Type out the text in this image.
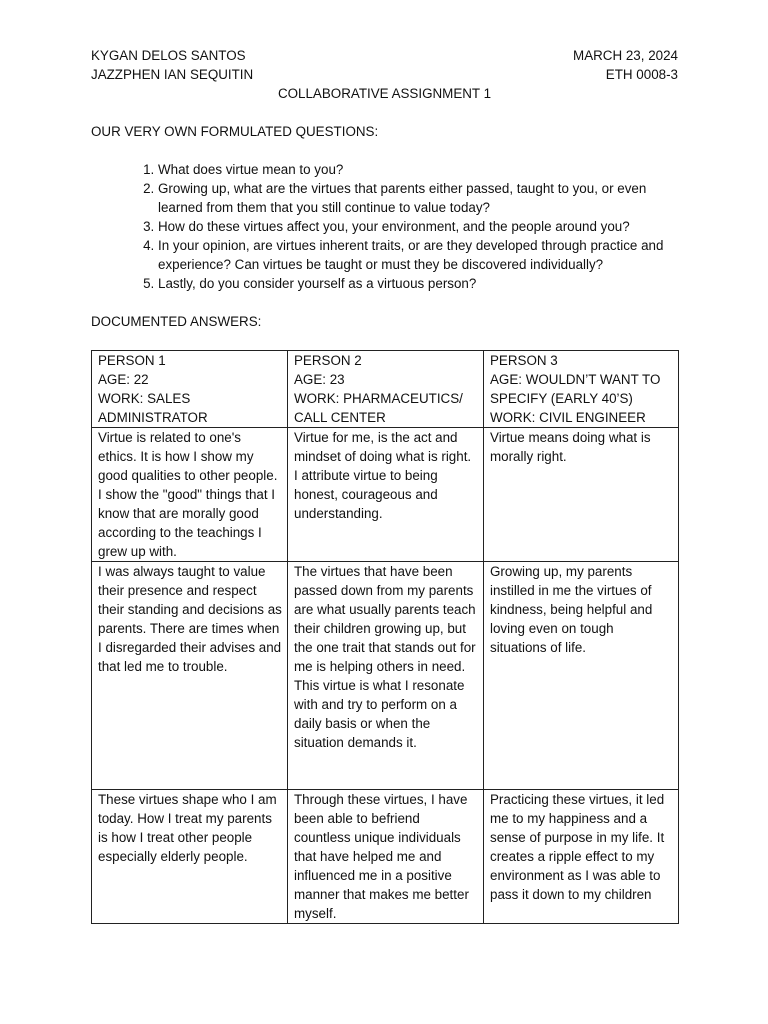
KYGAN DELOS SANTOS	MARCH 23, 2024
JAZZPHEN IAN SEQUITIN	ETH 0008-3
COLLABORATIVE ASSIGNMENT 1
OUR VERY OWN FORMULATED QUESTIONS:
1. What does virtue mean to you?
2. Growing up, what are the virtues that parents either passed, taught to you, or even learned from them that you still continue to value today?
3. How do these virtues affect you, your environment, and the people around you?
4. In your opinion, are virtues inherent traits, or are they developed through practice and experience? Can virtues be taught or must they be discovered individually?
5. Lastly, do you consider yourself as a virtuous person?
DOCUMENTED ANSWERS:
PERSON 1
AGE: 22
WORK: SALES ADMINISTRATOR	PERSON 2
AGE: 23
WORK: PHARMACEUTICS/ CALL CENTER	PERSON 3
AGE: WOULDN’T WANT TO SPECIFY (EARLY 40’S)
WORK: CIVIL ENGINEER

Virtue is related to one's ethics. It is how I show my good qualities to other people. I show the "good" things that I know that are morally good according to the teachings I grew up with.	Virtue for me, is the act and mindset of doing what is right. I attribute virtue to being honest, courageous and understanding.	Virtue means doing what is morally right.
I was always taught to value their presence and respect their standing and decisions as parents. There are times when I disregarded their advises and that led me to trouble.	The virtues that have been passed down from my parents are what usually parents teach their children growing up, but the one trait that stands out for me is helping others in need. This virtue is what I resonate with and try to perform on a daily basis or when the situation demands it.	Growing up, my parents instilled in me the virtues of kindness, being helpful and loving even on tough situations of life.
These virtues shape who I am today. How I treat my parents is how I treat other people especially elderly people.	Through these virtues, I have been able to befriend countless unique individuals that have helped me and influenced me in a positive manner that makes me better myself.	Practicing these virtues, it led me to my happiness and a sense of purpose in my life. It creates a ripple effect to my environment as I was able to pass it down to my children
